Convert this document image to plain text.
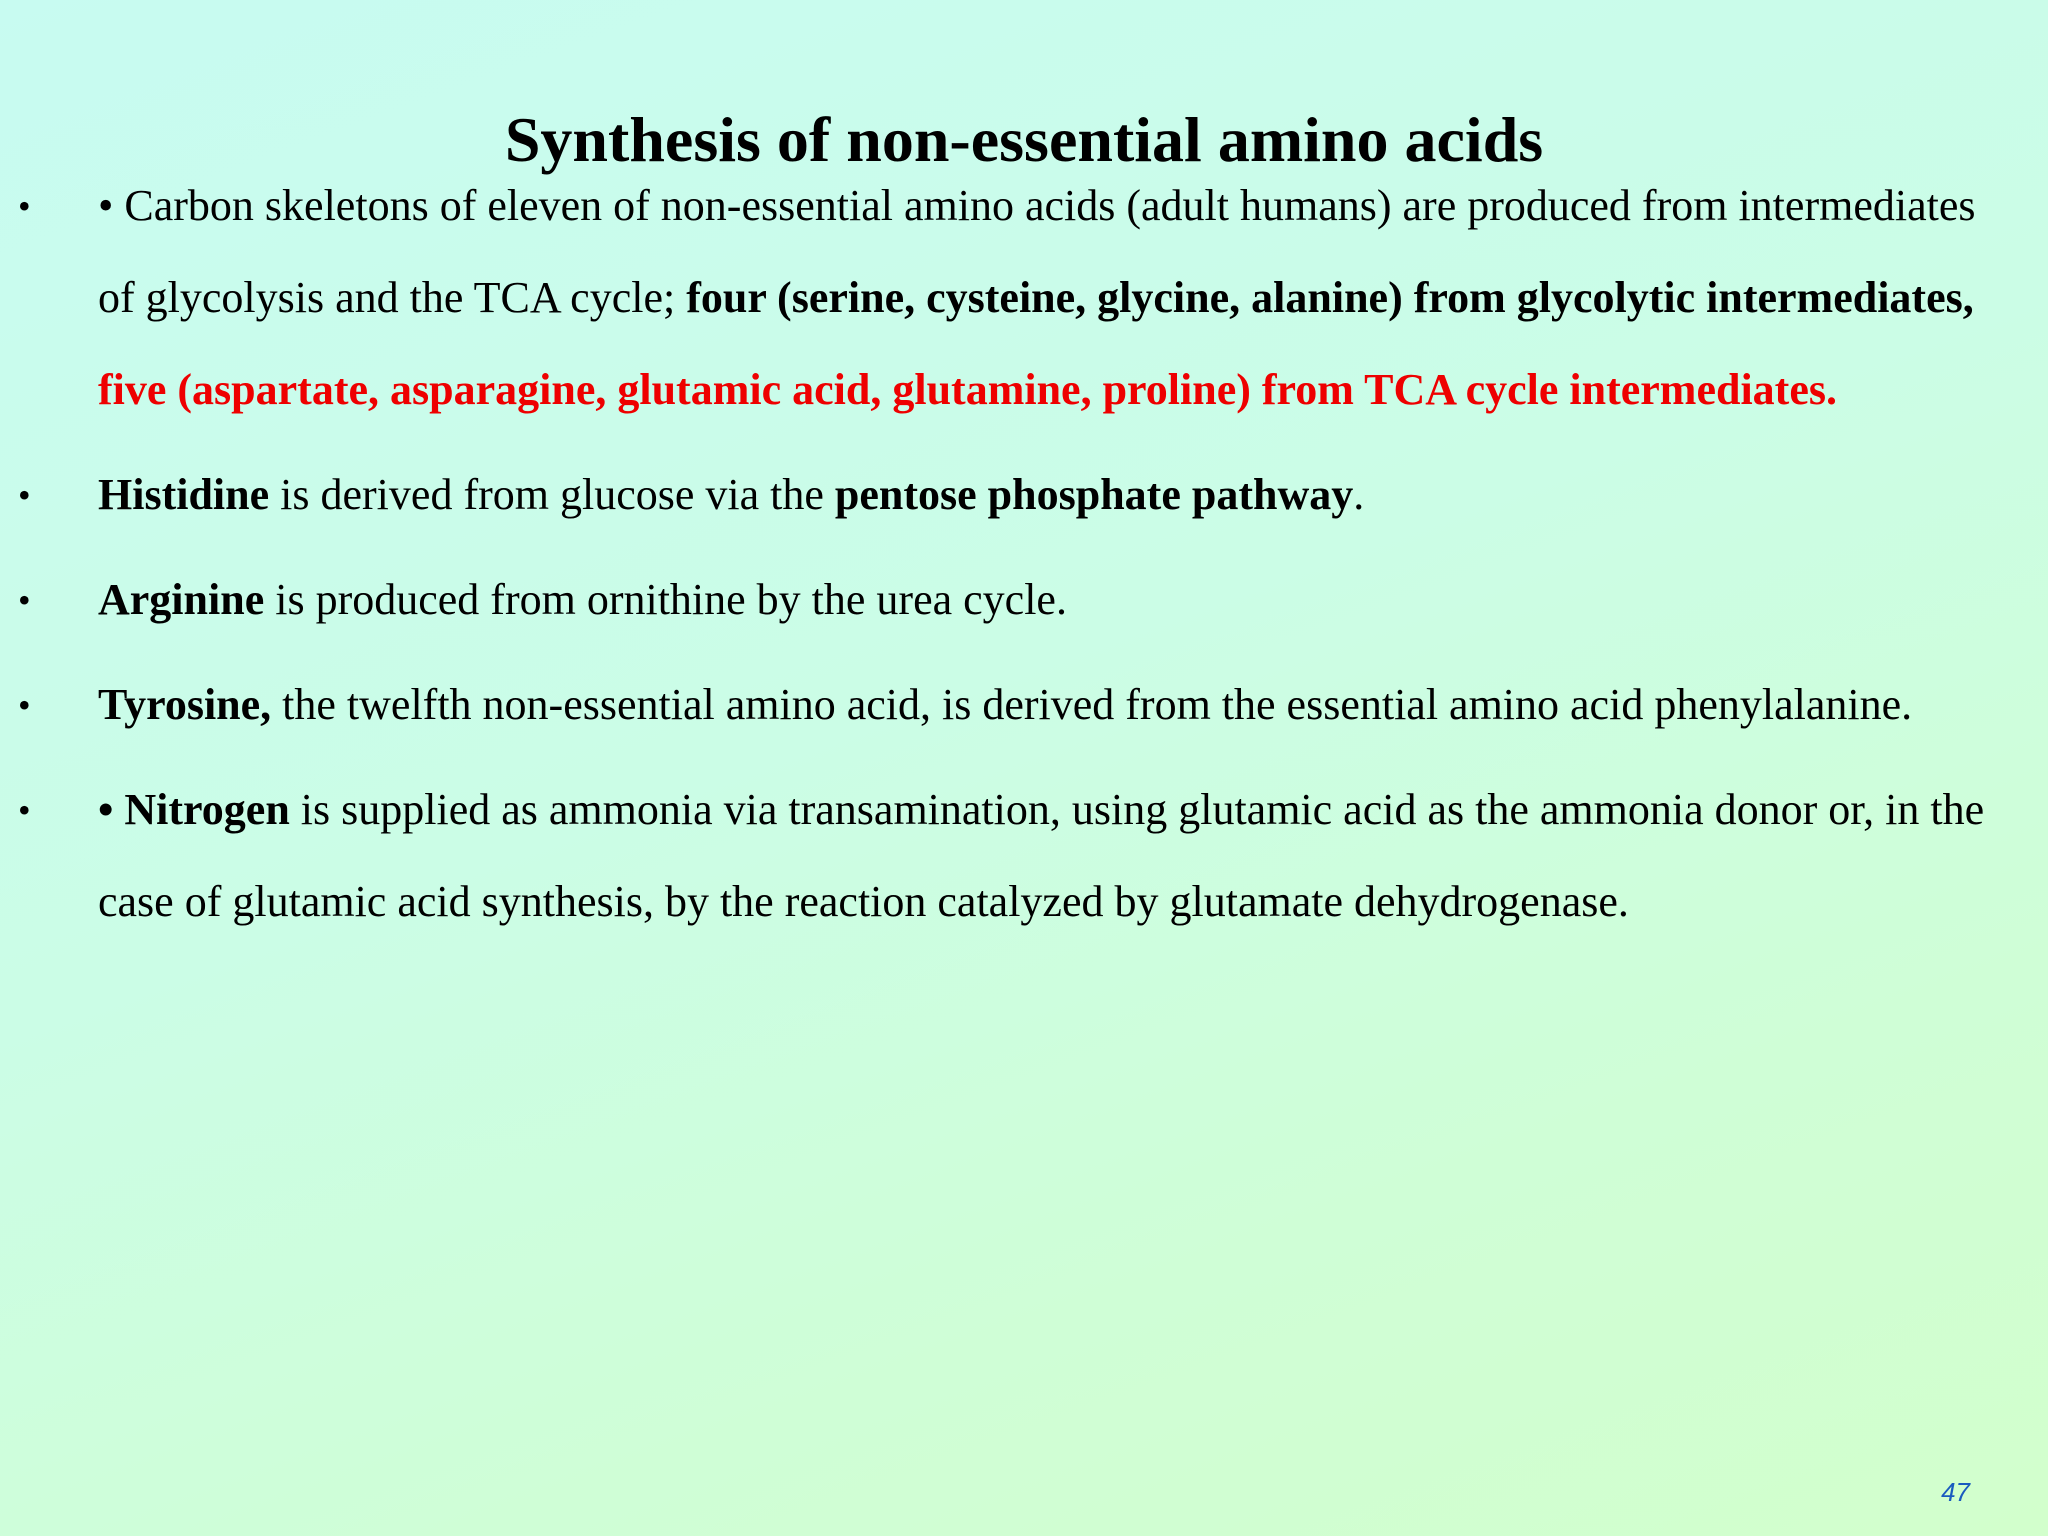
Synthesis of non-essential amino acids
• • Carbon skeletons of eleven of non-essential amino acids (adult humans) are produced from intermediates of glycolysis and the TCA cycle; four (serine, cysteine, glycine, alanine) from glycolytic intermediates, five (aspartate, asparagine, glutamic acid, glutamine, proline) from TCA cycle intermediates.
• Histidine is derived from glucose via the pentose phosphate pathway.
• Arginine is produced from ornithine by the urea cycle.
• Tyrosine, the twelfth non-essential amino acid, is derived from the essential amino acid phenylalanine.
• • Nitrogen is supplied as ammonia via transamination, using glutamic acid as the ammonia donor or, in the case of glutamic acid synthesis, by the reaction catalyzed by glutamate dehydrogenase.
47
